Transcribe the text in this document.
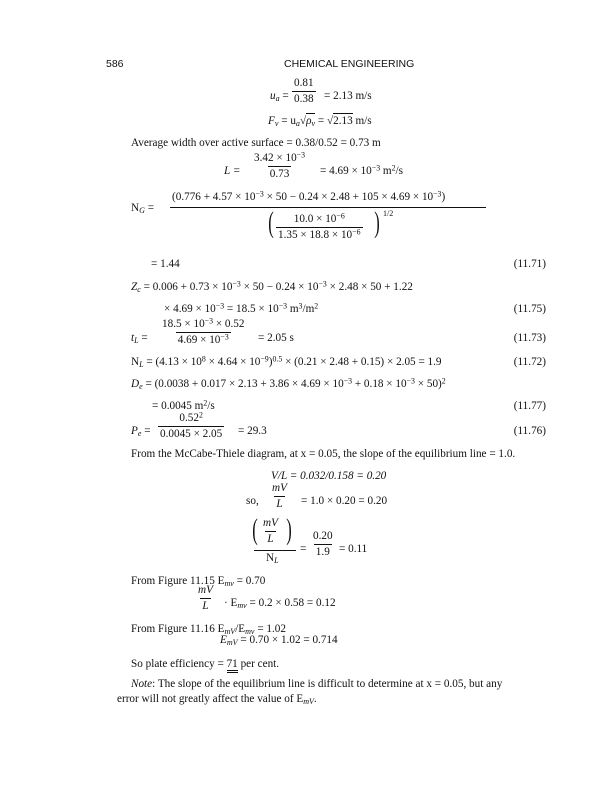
586	CHEMICAL ENGINEERING
$u_a = \frac{0.81}{0.38} = 2.13$ m/s
$F_v = u_a√\rho_v = √2.13$ m/s
Average width over active surface = 0.38/0.52 = 0.73 m
$L = \frac{3.42 \times 10^{-3}}{0.73} = 4.69 \times 10^{-3}$ $m^2/s$
$N_G$ =
$(0.776 + 4.57 \times 10^{-3} \times 50 - 0.24 \times 2.48 + 105 \times 4.69 \times 10^{-3})$
( $\frac{10.0 \times 10^{-6}}{1.35 \times 18.8 \times 10^{-6}}$ ) 1/2
= 1.44	(11.71)
$Z_c = 0.006 + 0.73 \times 10^{-3} \times 50 - 0.24 \times 10^{-3} \times 2.48 \times 50 + 1.22$
× $4.69 \times 10^{-3} = 18.5 \times 10^{-3}$ $m^3/m^2$	(11.75)
$t_L = \frac{18.5 \times 10^{-3} \times 0.52}{4.69 \times 10^{-3}} = 2.05$ s	(11.73)
$N_L = (4.13 \times 10^8 \times 4.64 \times 10^{-9})^{0.5} \times (0.21 \times 2.48 + 0.15) \times 2.05 = 1.9$	(11.72)
$D_e = (0.0038 + 0.017 \times 2.13 + 3.86 \times 4.69 \times 10^{-3} + 0.18 \times 10^{-3} \times 50)^2$
= 0.0045 $m^2/s$	(11.77)
$P_e = \frac{0.52^2}{0.0045 \times 2.05} = 29.3$	(11.76)
From the McCabe-Thiele diagram, at x = 0.05, the slope of the equilibrium line = 1.0.
V/L = 0.032/0.158 = 0.20
so, $\frac{mV}{L} = 1.0 \times 0.20 = 0.20$
( $\frac{mV}{L}$ )
$N_L$
= $\frac{0.20}{1.9} = 0.11$
From Figure 11.15 $E_{mv} = 0.70$
$\frac{mV}{L} \cdot E_{mv} = 0.2 \times 0.58 = 0.12$
From Figure 11.16 $E_{mV}/E_{mv} = 1.02$
$E_{mV} = 0.70 \times 1.02 = 0.714$
So plate efficiency = 71 per cent.
Note: The slope of the equilibrium line is difficult to determine at x = 0.05, but any
error will not greatly affect the value of $E_{mV}$.
